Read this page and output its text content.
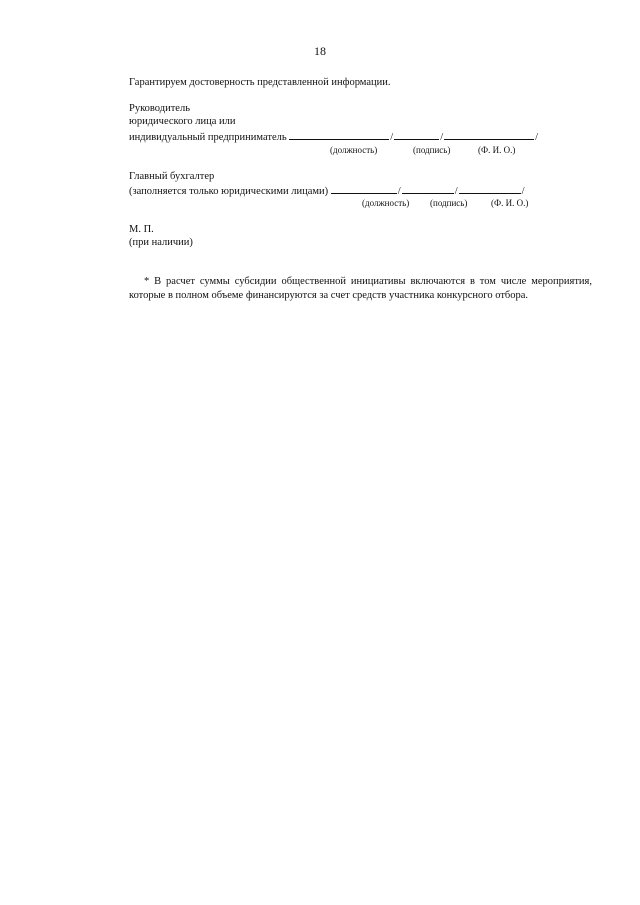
18
Гарантируем достоверность представленной информации.
Руководитель
юридического лица или
индивидуальный предприниматель	/	/	/
(должность)	(подпись)	(Ф. И. О.)
Главный бухгалтер
(заполняется только юридическими лицами)	/	/	/
(должность) (подпись)	(Ф. И. О.)
М. П.
(при наличии)
* В расчет суммы субсидии общественной инициативы включаются в том числе мероприятия, которые в полном объеме финансируются за счет средств участника конкурсного отбора.
